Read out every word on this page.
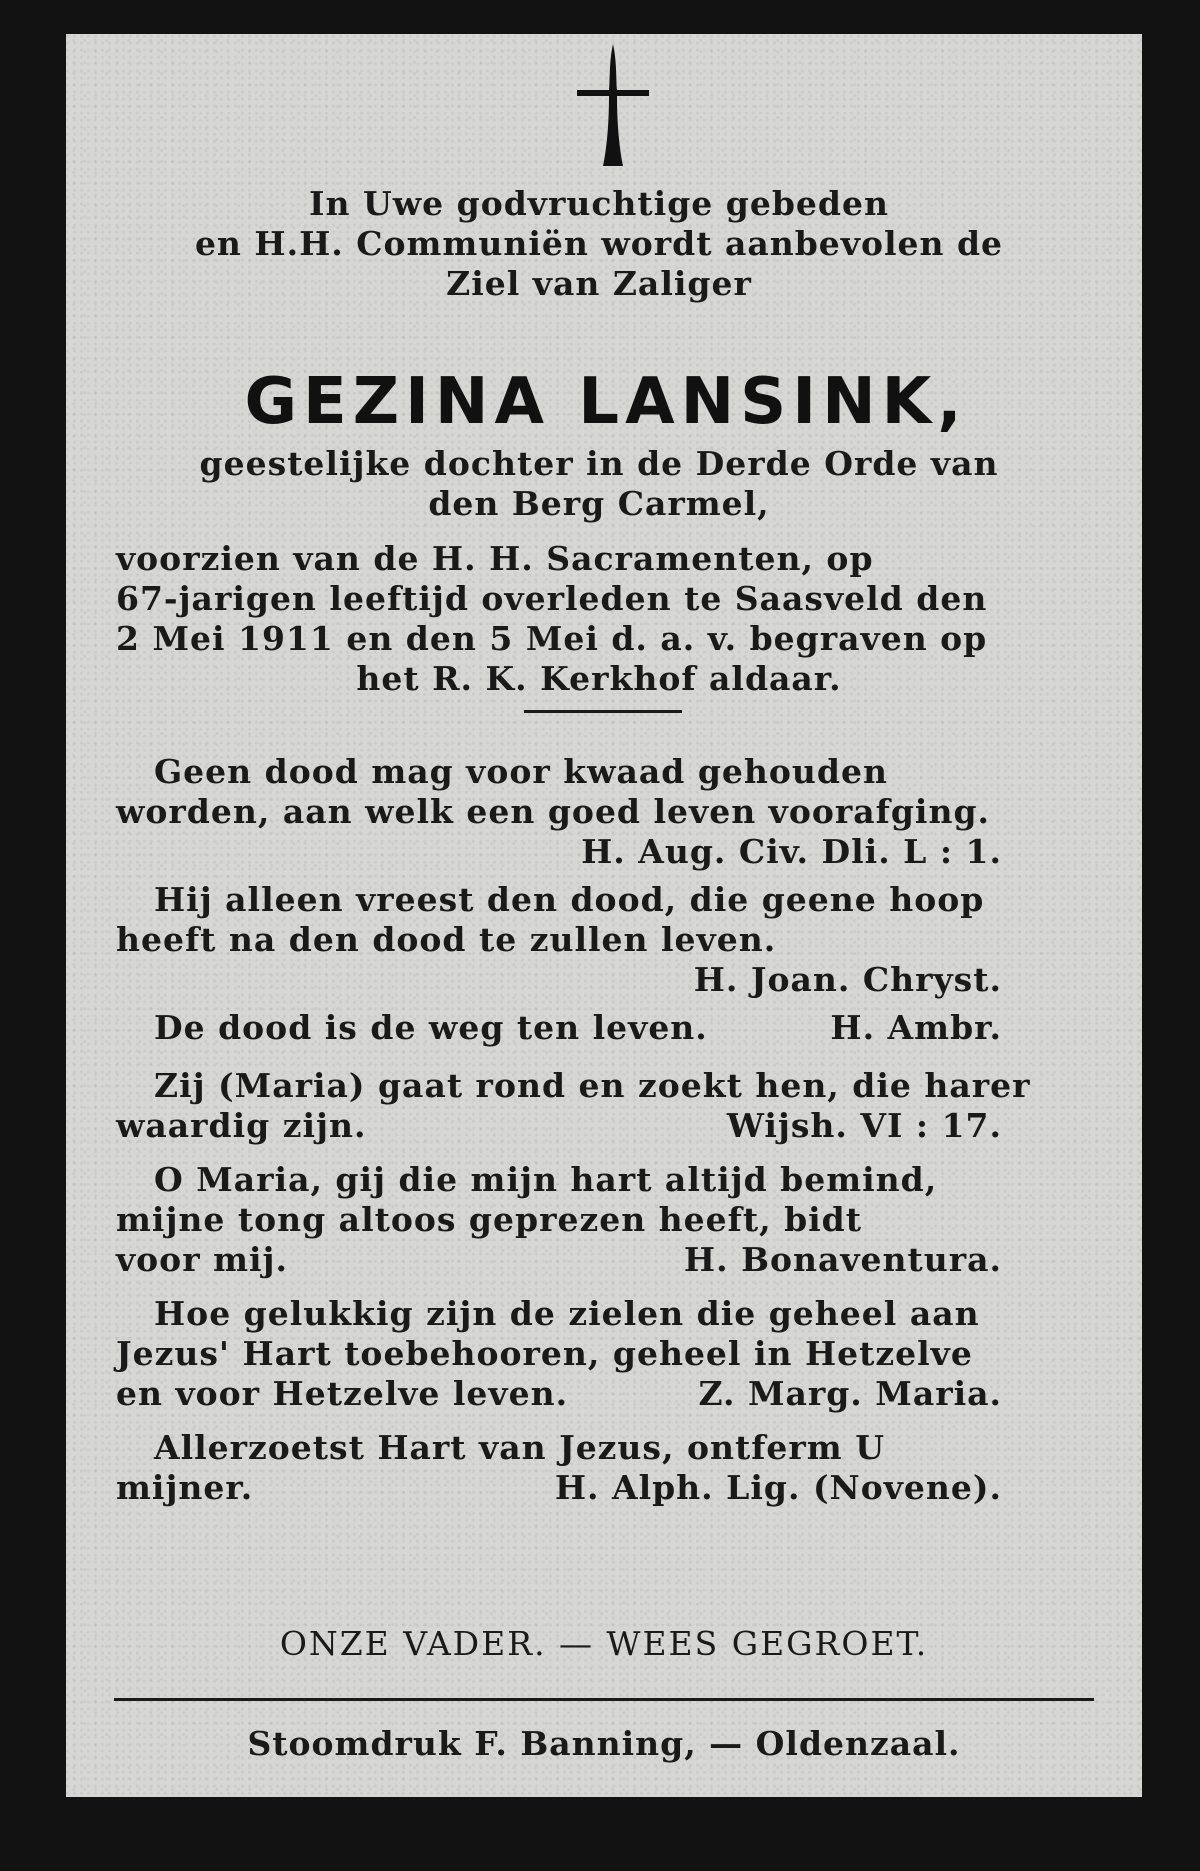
In Uwe godvruchtige gebeden
en H.H. Communiën wordt aanbevolen de
Ziel van Zaliger
GEZINA LANSINK,
geestelijke dochter in de Derde Orde van
den Berg Carmel,
voorzien van de H. H. Sacramenten, op
67-jarigen leeftijd overleden te Saasveld den
2 Mei 1911 en den 5 Mei d. a. v. begraven op
het R. K. Kerkhof aldaar.
Geen dood mag voor kwaad gehouden
worden, aan welk een goed leven voorafging.
H. Aug. Civ. Dli. L : 1.
Hij alleen vreest den dood, die geene hoop
heeft na den dood te zullen leven.
H. Joan. Chryst.
De dood is de weg ten leven.	H. Ambr.
Zij (Maria) gaat rond en zoekt hen, die harer
waardig zijn.	Wijsh. VI : 17.
O Maria, gij die mijn hart altijd bemind,
mijne tong altoos geprezen heeft, bidt
voor mij.	H. Bonaventura.
Hoe gelukkig zijn de zielen die geheel aan
Jezus' Hart toebehooren, geheel in Hetzelve
en voor Hetzelve leven.	Z. Marg. Maria.
Allerzoetst Hart van Jezus, ontferm U
mijner.	H. Alph. Lig. (Novene).
ONZE VADER. — WEES GEGROET.
Stoomdruk F. Banning, — Oldenzaal.
